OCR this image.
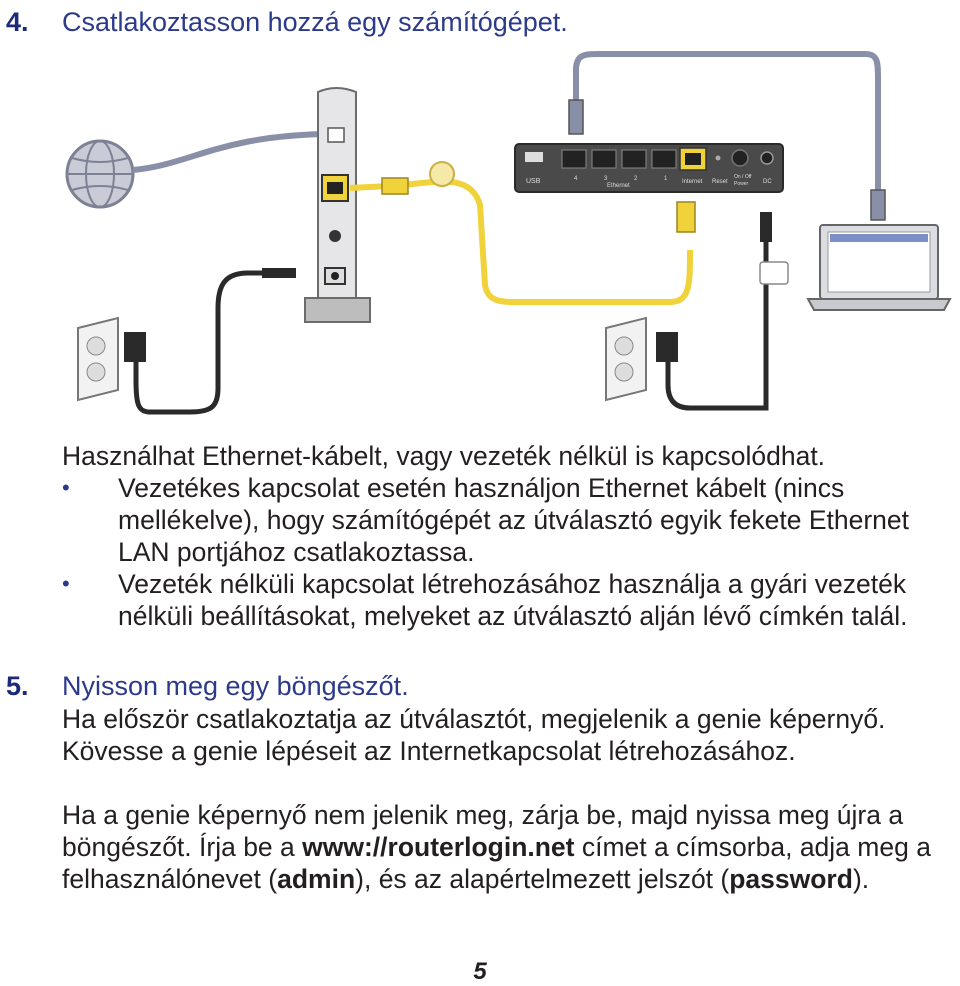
4. Csatlakoztasson hozzá egy számítógépet.
USB	4	3	2	1
Ethernet
Internet Reset
On / Off
Power DC

Használhat Ethernet-kábelt, vagy vezeték nélkül is kapcsolódhat.

• Vezetékes kapcsolat esetén használjon Ethernet kábelt (nincs mellékelve), hogy számítógépét az útválasztó egyik fekete Ethernet LAN portjához csatlakoztassa.
• Vezeték nélküli kapcsolat létrehozásához használja a gyári vezeték nélküli beállításokat, melyeket az útválasztó alján lévő címkén talál.
5. Nyisson meg egy böngészőt.

Ha először csatlakoztatja az útválasztót, megjelenik a genie képernyő. Kövesse a genie lépéseit az Internetkapcsolat létrehozásához.

Ha a genie képernyő nem jelenik meg, zárja be, majd nyissa meg újra a böngészőt. Írja be a www://routerlogin.net címet a címsorba, adja meg a felhasználónevet (admin), és az alapértelmezett jelszót (password).

5
